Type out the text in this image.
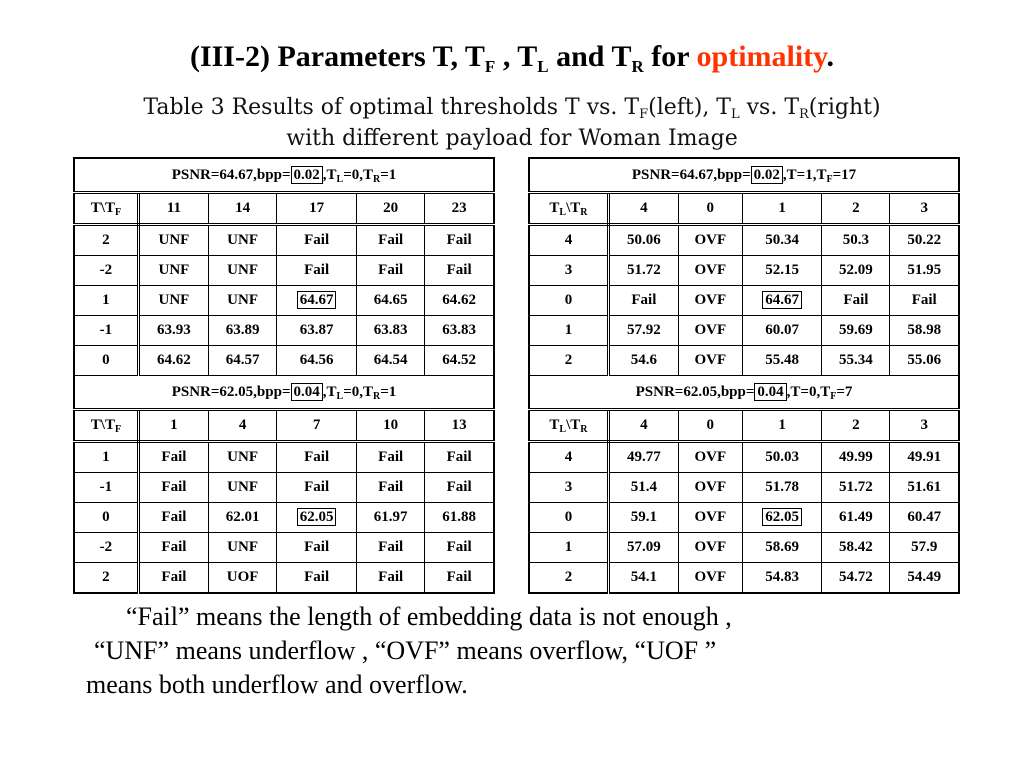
(III-2) Parameters T, $T_F$ , $T_L$ and $T_R$ for optimality.
Table 3 Results of optimal thresholds T vs. $T_F(left)$, $T_L$ vs. $T_R(right)$
with different payload for Woman Image
PSNR=64.67,bpp= 0.02 $,T_L=0,T_R=1$					
$T\backslash T_F$	11	14	17	20	23
2	UNF	UNF	Fail	Fail	Fail
-2	UNF	UNF	Fail	Fail	Fail
1	UNF	UNF	64.67	64.65	64.62
-1	63.93	63.89	63.87	63.83	63.83
0	64.62	64.57	64.56	64.54	64.52
PSNR=62.05,bpp= 0.04 $,T_L=0,T_R=1$					
$T\backslash T_F$	1	4	7	10	13
1	Fail	UNF	Fail	Fail	Fail
-1	Fail	UNF	Fail	Fail	Fail
0	Fail	62.01	62.05	61.97	61.88
-2	Fail	UNF	Fail	Fail	Fail
2	Fail	UOF	Fail	Fail	Fail
PSNR=64.67,bpp= 0.02 $,T=1,T_F=17$					
$T_L\backslash T_R$	4	0	1	2	3
4	50.06	OVF	50.34	50.3	50.22
3	51.72	OVF	52.15	52.09	51.95
0	Fail	OVF	64.67	Fail	Fail
1	57.92	OVF	60.07	59.69	58.98
2	54.6	OVF	55.48	55.34	55.06
PSNR=62.05,bpp= 0.04 $,T=0,T_F=7$					
$T_L\backslash T_R$	4	0	1	2	3
4	49.77	OVF	50.03	49.99	49.91
3	51.4	OVF	51.78	51.72	51.61
0	59.1	OVF	62.05	61.49	60.47
1	57.09	OVF	58.69	58.42	57.9
2	54.1	OVF	54.83	54.72	54.49
“Fail” means the length of embedding data is not enough ,
“UNF” means underflow , “OVF” means overflow, “UOF ”
means both underflow and overflow.
